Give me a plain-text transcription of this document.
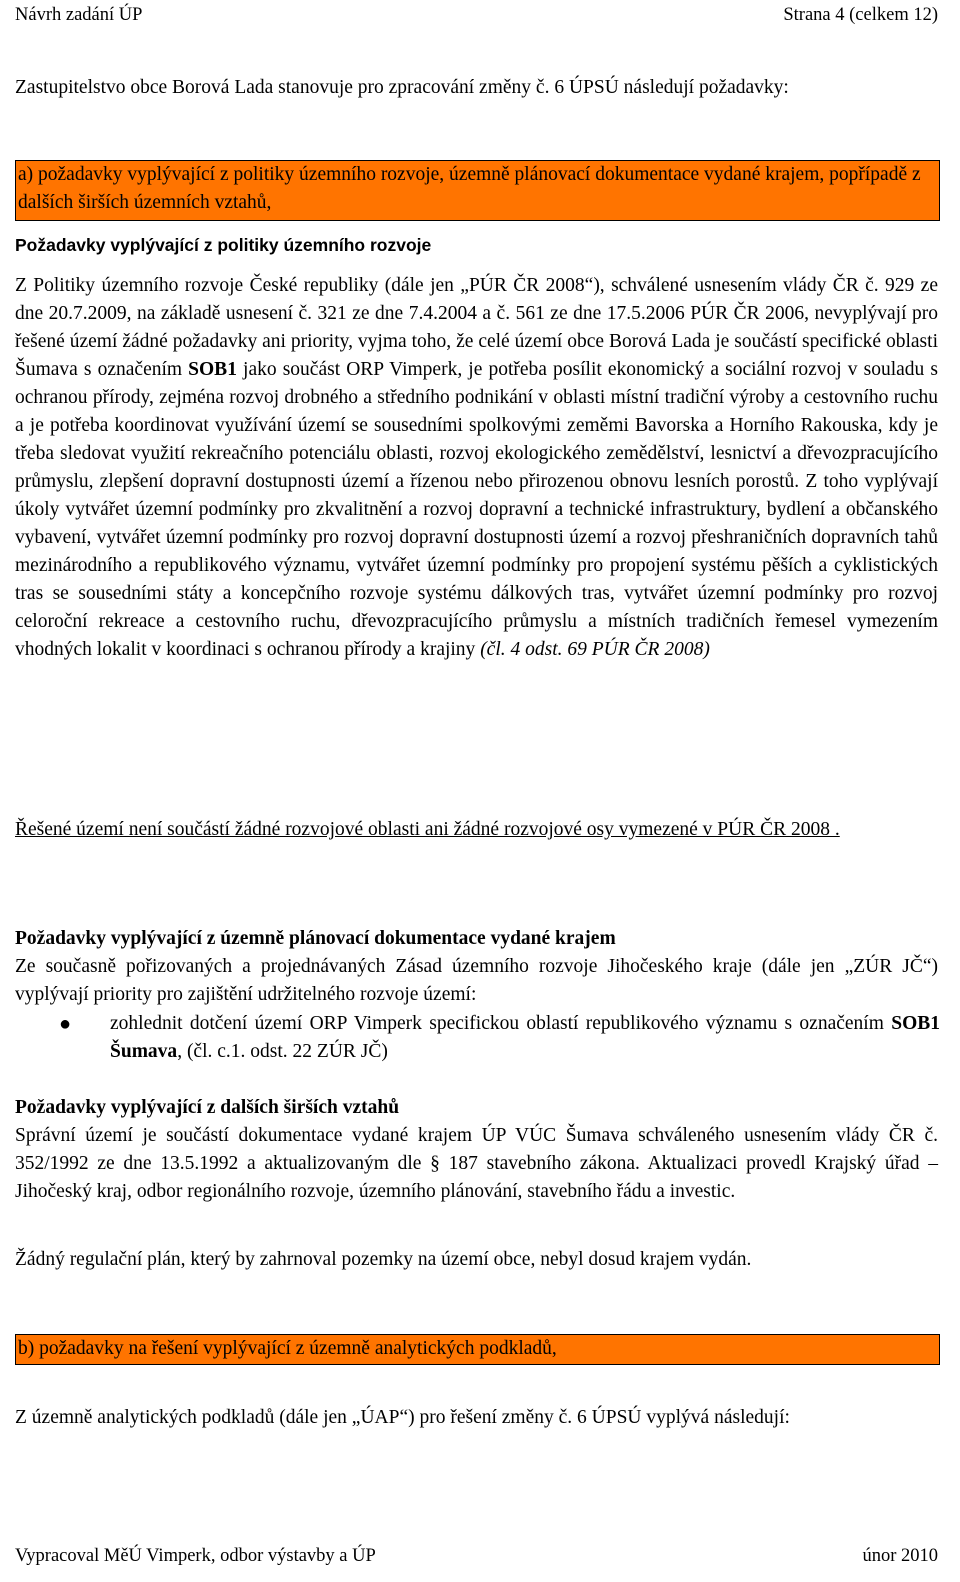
Návrh zadání ÚP	Strana 4 (celkem 12)
Zastupitelstvo obce Borová Lada stanovuje pro zpracování změny č. 6 ÚPSÚ následují požadavky:
a) požadavky vyplývající z politiky územního rozvoje, územně plánovací dokumentace vydané krajem, popřípadě z dalších širších územních vztahů,
Požadavky vyplývající z politiky územního rozvoje
Z Politiky územního rozvoje České republiky (dále jen „PÚR ČR 2008“), schválené usnesením vlády ČR č. 929 ze dne 20.7.2009, na základě usnesení č. 321 ze dne 7.4.2004 a č. 561 ze dne 17.5.2006 PÚR ČR 2006, nevyplývají pro řešené území žádné požadavky ani priority, vyjma toho, že celé území obce Borová Lada je součástí specifické oblasti Šumava s označením SOB1 jako součást ORP Vimperk, je potřeba posílit ekonomický a sociální rozvoj v souladu s ochranou přírody, zejména rozvoj drobného a středního podnikání v oblasti místní tradiční výroby a cestovního ruchu a je potřeba koordinovat využívání území se sousedními spolkovými zeměmi Bavorska a Horního Rakouska, kdy je třeba sledovat využití rekreačního potenciálu oblasti, rozvoj ekologického zemědělství, lesnictví a dřevozpracujícího průmyslu, zlepšení dopravní dostupnosti území a řízenou nebo přirozenou obnovu lesních porostů. Z toho vyplývají úkoly vytvářet územní podmínky pro zkvalitnění a rozvoj dopravní a technické infrastruktury, bydlení a občanského vybavení, vytvářet územní podmínky pro rozvoj dopravní dostupnosti území a rozvoj přeshraničních dopravních tahů mezinárodního a republikového významu, vytvářet územní podmínky pro propojení systému pěších a cyklistických tras se sousedními státy a koncepčního rozvoje systému dálkových tras, vytvářet územní podmínky pro rozvoj celoroční rekreace a cestovního ruchu, dřevozpracujícího průmyslu a místních tradičních řemesel vymezením vhodných lokalit v koordinaci s ochranou přírody a krajiny (čl. 4 odst. 69 PÚR ČR 2008)
Řešené území není součástí žádné rozvojové oblasti ani žádné rozvojové osy vymezené v PÚR ČR 2008 .
Požadavky vyplývající z územně plánovací dokumentace vydané krajem
Ze současně pořizovaných a projednávaných Zásad územního rozvoje Jihočeského kraje (dále jen „ZÚR JČ“) vyplývají priority pro zajištění udržitelného rozvoje území:
● zohlednit dotčení území ORP Vimperk specifickou oblastí republikového významu s označením SOB1 Šumava, (čl. c.1. odst. 22 ZÚR JČ)
Požadavky vyplývající z dalších širších vztahů
Správní území je součástí dokumentace vydané krajem ÚP VÚC Šumava schváleného usnesením vlády ČR č. 352/1992 ze dne 13.5.1992 a aktualizovaným dle § 187 stavebního zákona. Aktualizaci provedl Krajský úřad – Jihočeský kraj, odbor regionálního rozvoje, územního plánování, stavebního řádu a investic.
Žádný regulační plán, který by zahrnoval pozemky na území obce, nebyl dosud krajem vydán.
b) požadavky na řešení vyplývající z územně analytických podkladů,
Z územně analytických podkladů (dále jen „ÚAP“) pro řešení změny č. 6 ÚPSÚ vyplývá následují:
Vypracoval MěÚ Vimperk, odbor výstavby a ÚP	únor 2010
